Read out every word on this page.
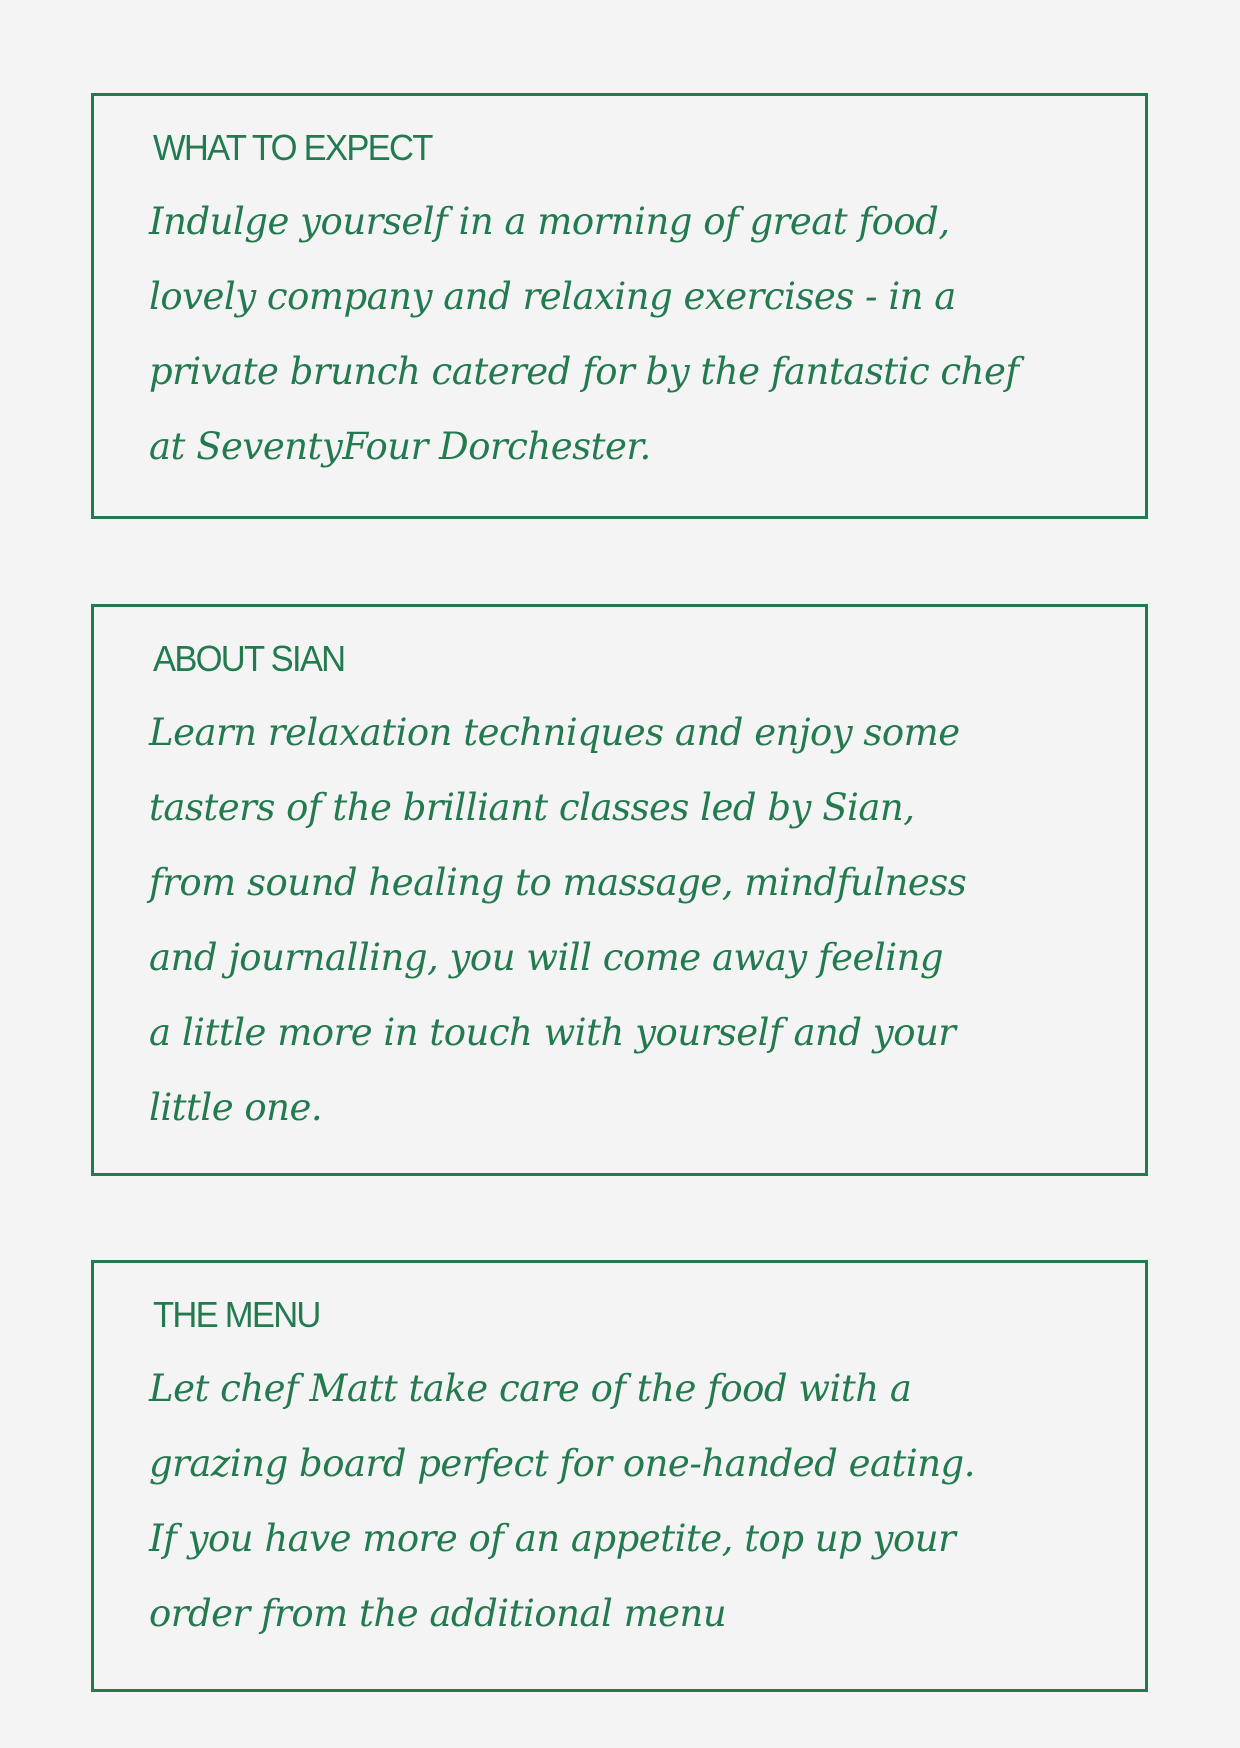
WHAT TO EXPECT

Indulge yourself in a morning of great food,
lovely company and relaxing exercises - in a
private brunch catered for by the fantastic chef
at SeventyFour Dorchester.

ABOUT SIAN

Learn relaxation techniques and enjoy some
tasters of the brilliant classes led by Sian,
from sound healing to massage, mindfulness
and journalling, you will come away feeling
a little more in touch with yourself and your
little one.

THE MENU

Let chef Matt take care of the food with a
grazing board perfect for one-handed eating.
If you have more of an appetite, top up your
order from the additional menu
